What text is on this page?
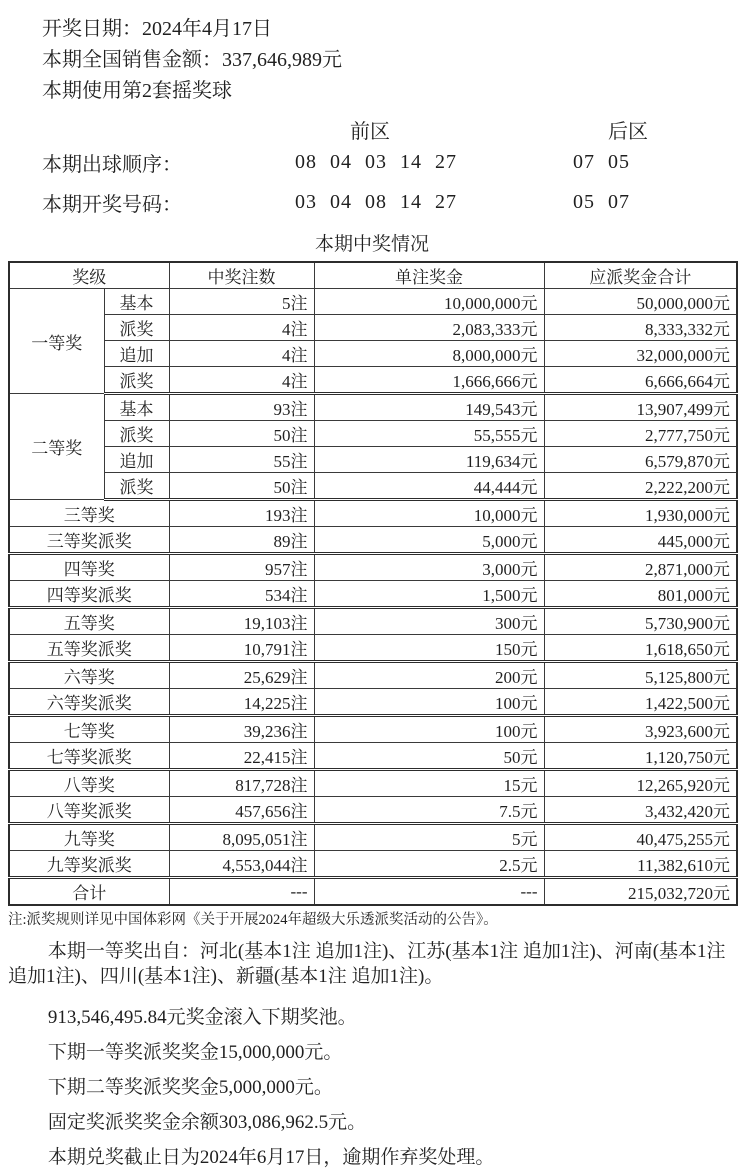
开奖日期：2024年4月17日
本期全国销售金额：337,646,989元
本期使用第2套摇奖球
前区	后区
本期出球顺序：	08 04 03 14 27	07 05
本期开奖号码：	03 04 08 14 27	05 07
本期中奖情况
奖级		中奖注数	单注奖金	应派奖金合计
一等奖	基本	5注	10,000,000元	50,000,000元
	派奖	4注	2,083,333元	8,333,332元
	追加	4注	8,000,000元	32,000,000元
	派奖	4注	1,666,666元	6,666,664元
二等奖	基本	93注	149,543元	13,907,499元
	派奖	50注	55,555元	2,777,750元
	追加	55注	119,634元	6,579,870元
	派奖	50注	44,444元	2,222,200元
三等奖		193注	10,000元	1,930,000元
三等奖派奖		89注	5,000元	445,000元
四等奖		957注	3,000元	2,871,000元
四等奖派奖		534注	1,500元	801,000元
五等奖		19,103注	300元	5,730,900元
五等奖派奖		10,791注	150元	1,618,650元
六等奖		25,629注	200元	5,125,800元
六等奖派奖		14,225注	100元	1,422,500元
七等奖		39,236注	100元	3,923,600元
七等奖派奖		22,415注	50元	1,120,750元
八等奖		817,728注	15元	12,265,920元
八等奖派奖		457,656注	7.5元	3,432,420元
九等奖		8,095,051注	5元	40,475,255元
九等奖派奖		4,553,044注	2.5元	11,382,610元
合计		---	---	215,032,720元
注:派奖规则详见中国体彩网《关于开展2024年超级大乐透派奖活动的公告》。

本期一等奖出自：河北(基本1注 追加1注)、江苏(基本1注 追加1注)、河南(基本1注 追加1注)、四川(基本1注)、新疆(基本1注 追加1注)。

913,546,495.84元奖金滚入下期奖池。

下期一等奖派奖奖金15,000,000元。

下期二等奖派奖奖金5,000,000元。

固定奖派奖奖金余额303,086,962.5元。

本期兑奖截止日为2024年6月17日，逾期作弃奖处理。
